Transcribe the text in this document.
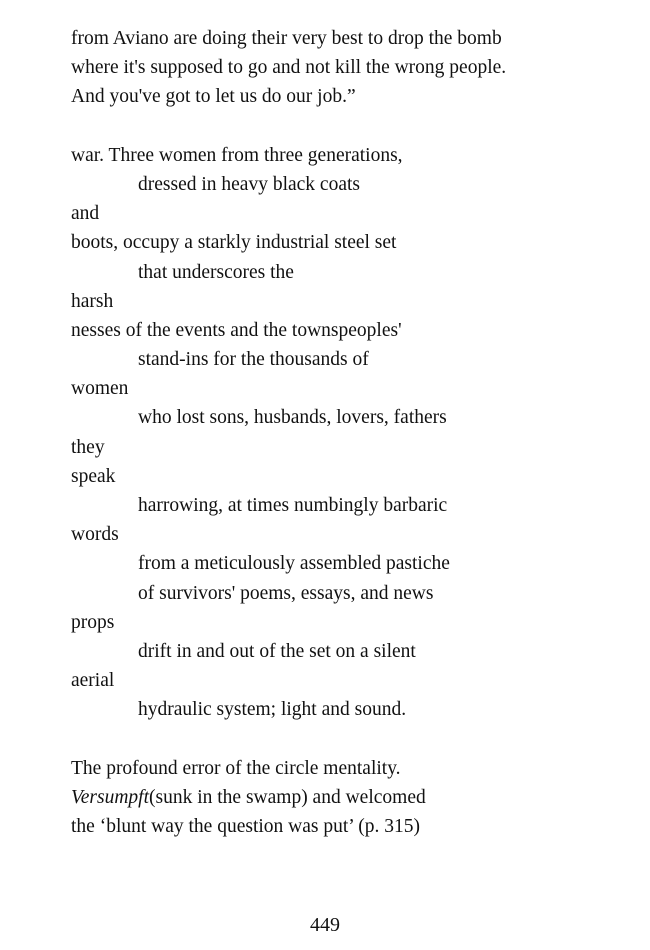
from Aviano are doing their very best to drop the bomb
where it's supposed to go and not kill the wrong people.
And you've got to let us do our job.”
war. Three women from three generations,
dressed in heavy black coats
and
boots, occupy a starkly industrial steel set
that underscores the
harsh
nesses of the events and the townspeoples'
stand-ins for the thousands of
women
who lost sons, husbands, lovers, fathers
they
speak
harrowing, at times numbingly barbaric
words
from a meticulously assembled pastiche
of survivors' poems, essays, and news
props
drift in and out of the set on a silent
aerial
hydraulic system; light and sound.
The profound error of the circle mentality.
Versumpft(sunk in the swamp) and welcomed
the ‘blunt way the question was put’ (p. 315)
449
